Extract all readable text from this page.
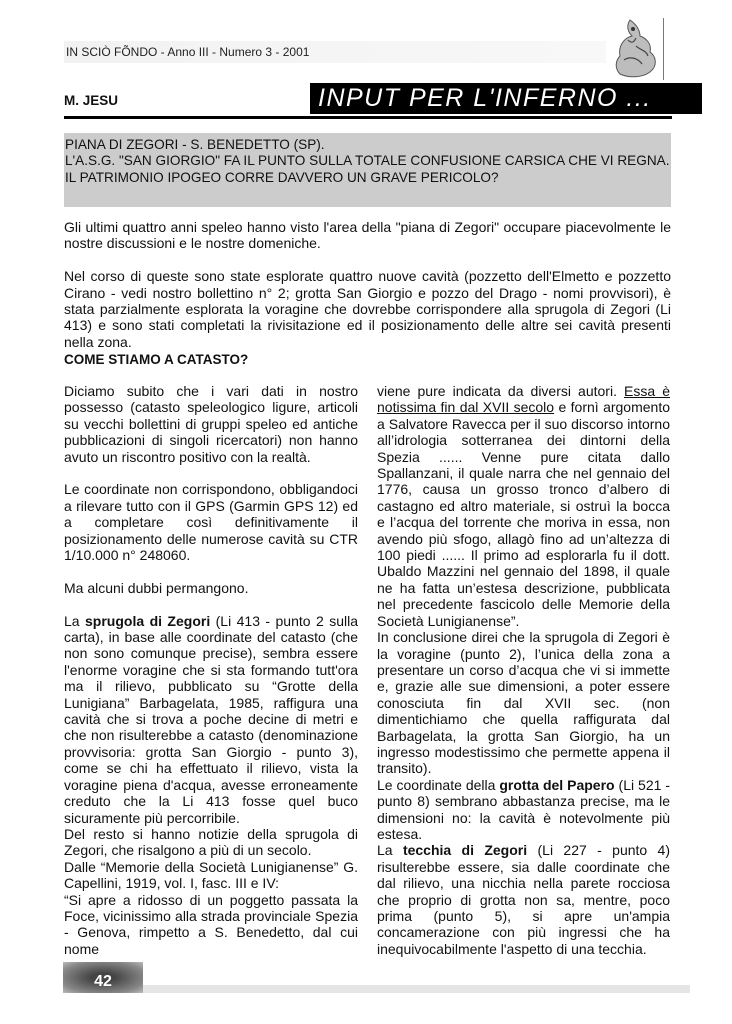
IN SCIÒ FÕNDO - Anno III - Numero 3 - 2001
M. JESU	INPUT PER L'INFERNO ...
PIANA DI ZEGORI - S. BENEDETTO (SP).
L'A.S.G. "SAN GIORGIO" FA IL PUNTO SULLA TOTALE CONFUSIONE CARSICA CHE VI REGNA.
IL PATRIMONIO IPOGEO CORRE DAVVERO UN GRAVE PERICOLO?
Gli ultimi quattro anni speleo hanno visto l'area della "piana di Zegori" occupare piacevolmente le nostre discussioni e le nostre domeniche.
Nel corso di queste sono state esplorate quattro nuove cavità (pozzetto dell'Elmetto e pozzetto Cirano - vedi nostro bollettino n° 2; grotta San Giorgio e pozzo del Drago - nomi provvisori), è stata parzialmente esplorata la voragine che dovrebbe corrispondere alla sprugola di Zegori (Li 413) e sono stati completati la rivisitazione ed il posizionamento delle altre sei cavità presenti nella zona.
COME STIAMO A CATASTO?
Diciamo subito che i vari dati in nostro possesso (catasto speleologico ligure, articoli su vecchi bollettini di gruppi speleo ed antiche pubblicazioni di singoli ricercatori) non hanno avuto un riscontro positivo con la realtà.
Le coordinate non corrispondono, obbligandoci a rilevare tutto con il GPS (Garmin GPS 12) ed a completare così definitivamente il posizionamento delle numerose cavità su CTR 1/10.000 n° 248060.
Ma alcuni dubbi permangono.
La sprugola di Zegori (Li 413 - punto 2 sulla carta), in base alle coordinate del catasto (che non sono comunque precise), sembra essere l'enorme voragine che si sta formando tutt'ora ma il rilievo, pubblicato su “Grotte della Lunigiana” Barbagelata, 1985, raffigura una cavità che si trova a poche decine di metri e che non risulterebbe a catasto (denominazione provvisoria: grotta San Giorgio - punto 3), come se chi ha effettuato il rilievo, vista la voragine piena d'acqua, avesse erroneamente creduto che la Li 413 fosse quel buco sicuramente più percorribile.
Del resto si hanno notizie della sprugola di Zegori, che risalgono a più di un secolo.
Dalle “Memorie della Società Lunigianense” G. Capellini, 1919, vol. I, fasc. III e IV:
“Si apre a ridosso di un poggetto passata la Foce, vicinissimo alla strada provinciale Spezia - Genova, rimpetto a S. Benedetto, dal cui nome
viene pure indicata da diversi autori. Essa è notissima fin dal XVII secolo e fornì argomento a Salvatore Ravecca per il suo discorso intorno all’idrologia sotterranea dei dintorni della Spezia ...... Venne pure citata dallo Spallanzani, il quale narra che nel gennaio del 1776, causa un grosso tronco d’albero di castagno ed altro materiale, si ostruì la bocca e l’acqua del torrente che moriva in essa, non avendo più sfogo, allagò fino ad un’altezza di 100 piedi ...... Il primo ad esplorarla fu il dott. Ubaldo Mazzini nel gennaio del 1898, il quale ne ha fatta un’estesa descrizione, pubblicata nel precedente fascicolo delle Memorie della Società Lunigianense”.
In conclusione direi che la sprugola di Zegori è la voragine (punto 2), l’unica della zona a presentare un corso d’acqua che vi si immette e, grazie alle sue dimensioni, a poter essere conosciuta fin dal XVII sec. (non dimentichiamo che quella raffigurata dal Barbagelata, la grotta San Giorgio, ha un ingresso modestissimo che permette appena il transito).
Le coordinate della grotta del Papero (Li 521 - punto 8) sembrano abbastanza precise, ma le dimensioni no: la cavità è notevolmente più estesa.
La tecchia di Zegori (Li 227 - punto 4) risulterebbe essere, sia dalle coordinate che dal rilievo, una nicchia nella parete rocciosa che proprio di grotta non sa, mentre, poco prima (punto 5), si apre un'ampia concamerazione con più ingressi che ha inequivocabilmente l'aspetto di una tecchia.
42
